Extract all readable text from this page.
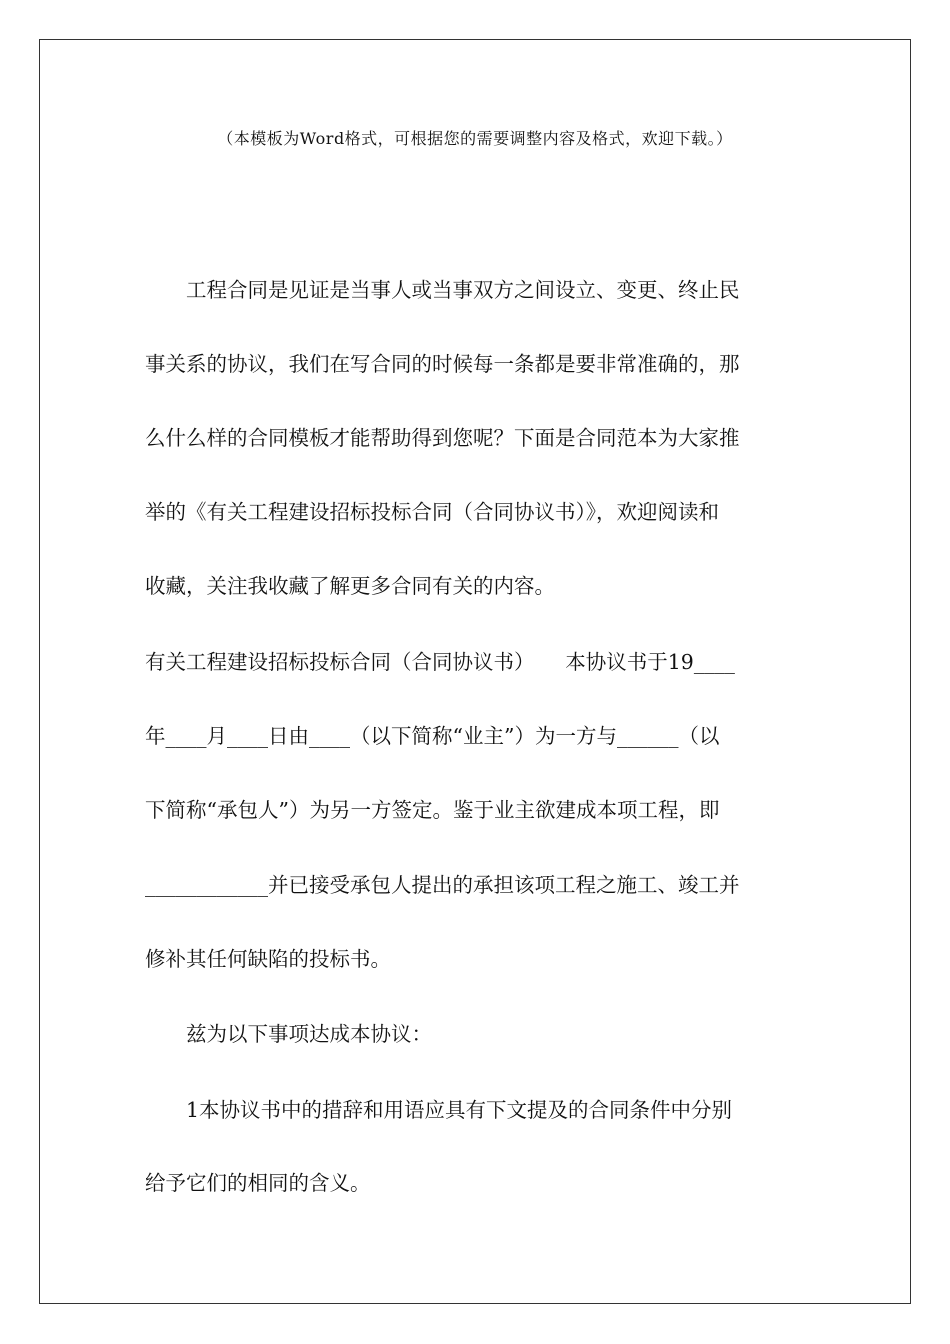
（本模板为Word格式，可根据您的需要调整内容及格式，欢迎下载。）
　　工程合同是见证是当事人或当事双方之间设立、变更、终止民
事关系的协议，我们在写合同的时候每一条都是要非常准确的，那
么什么样的合同模板才能帮助得到您呢？下面是合同范本为大家推
举的《有关工程建设招标投标合同（合同协议书）》，欢迎阅读和
收藏，关注我收藏了解更多合同有关的内容。
有关工程建设招标投标合同（合同协议书）　　本协议书于19____
年____月____日由____（以下简称“业主”）为一方与______（以
下简称“承包人”）为另一方签定。鉴于业主欲建成本项工程，即
____________并已接受承包人提出的承担该项工程之施工、竣工并
修补其任何缺陷的投标书。
　　兹为以下事项达成本协议：
　　1本协议书中的措辞和用语应具有下文提及的合同条件中分别
给予它们的相同的含义。
